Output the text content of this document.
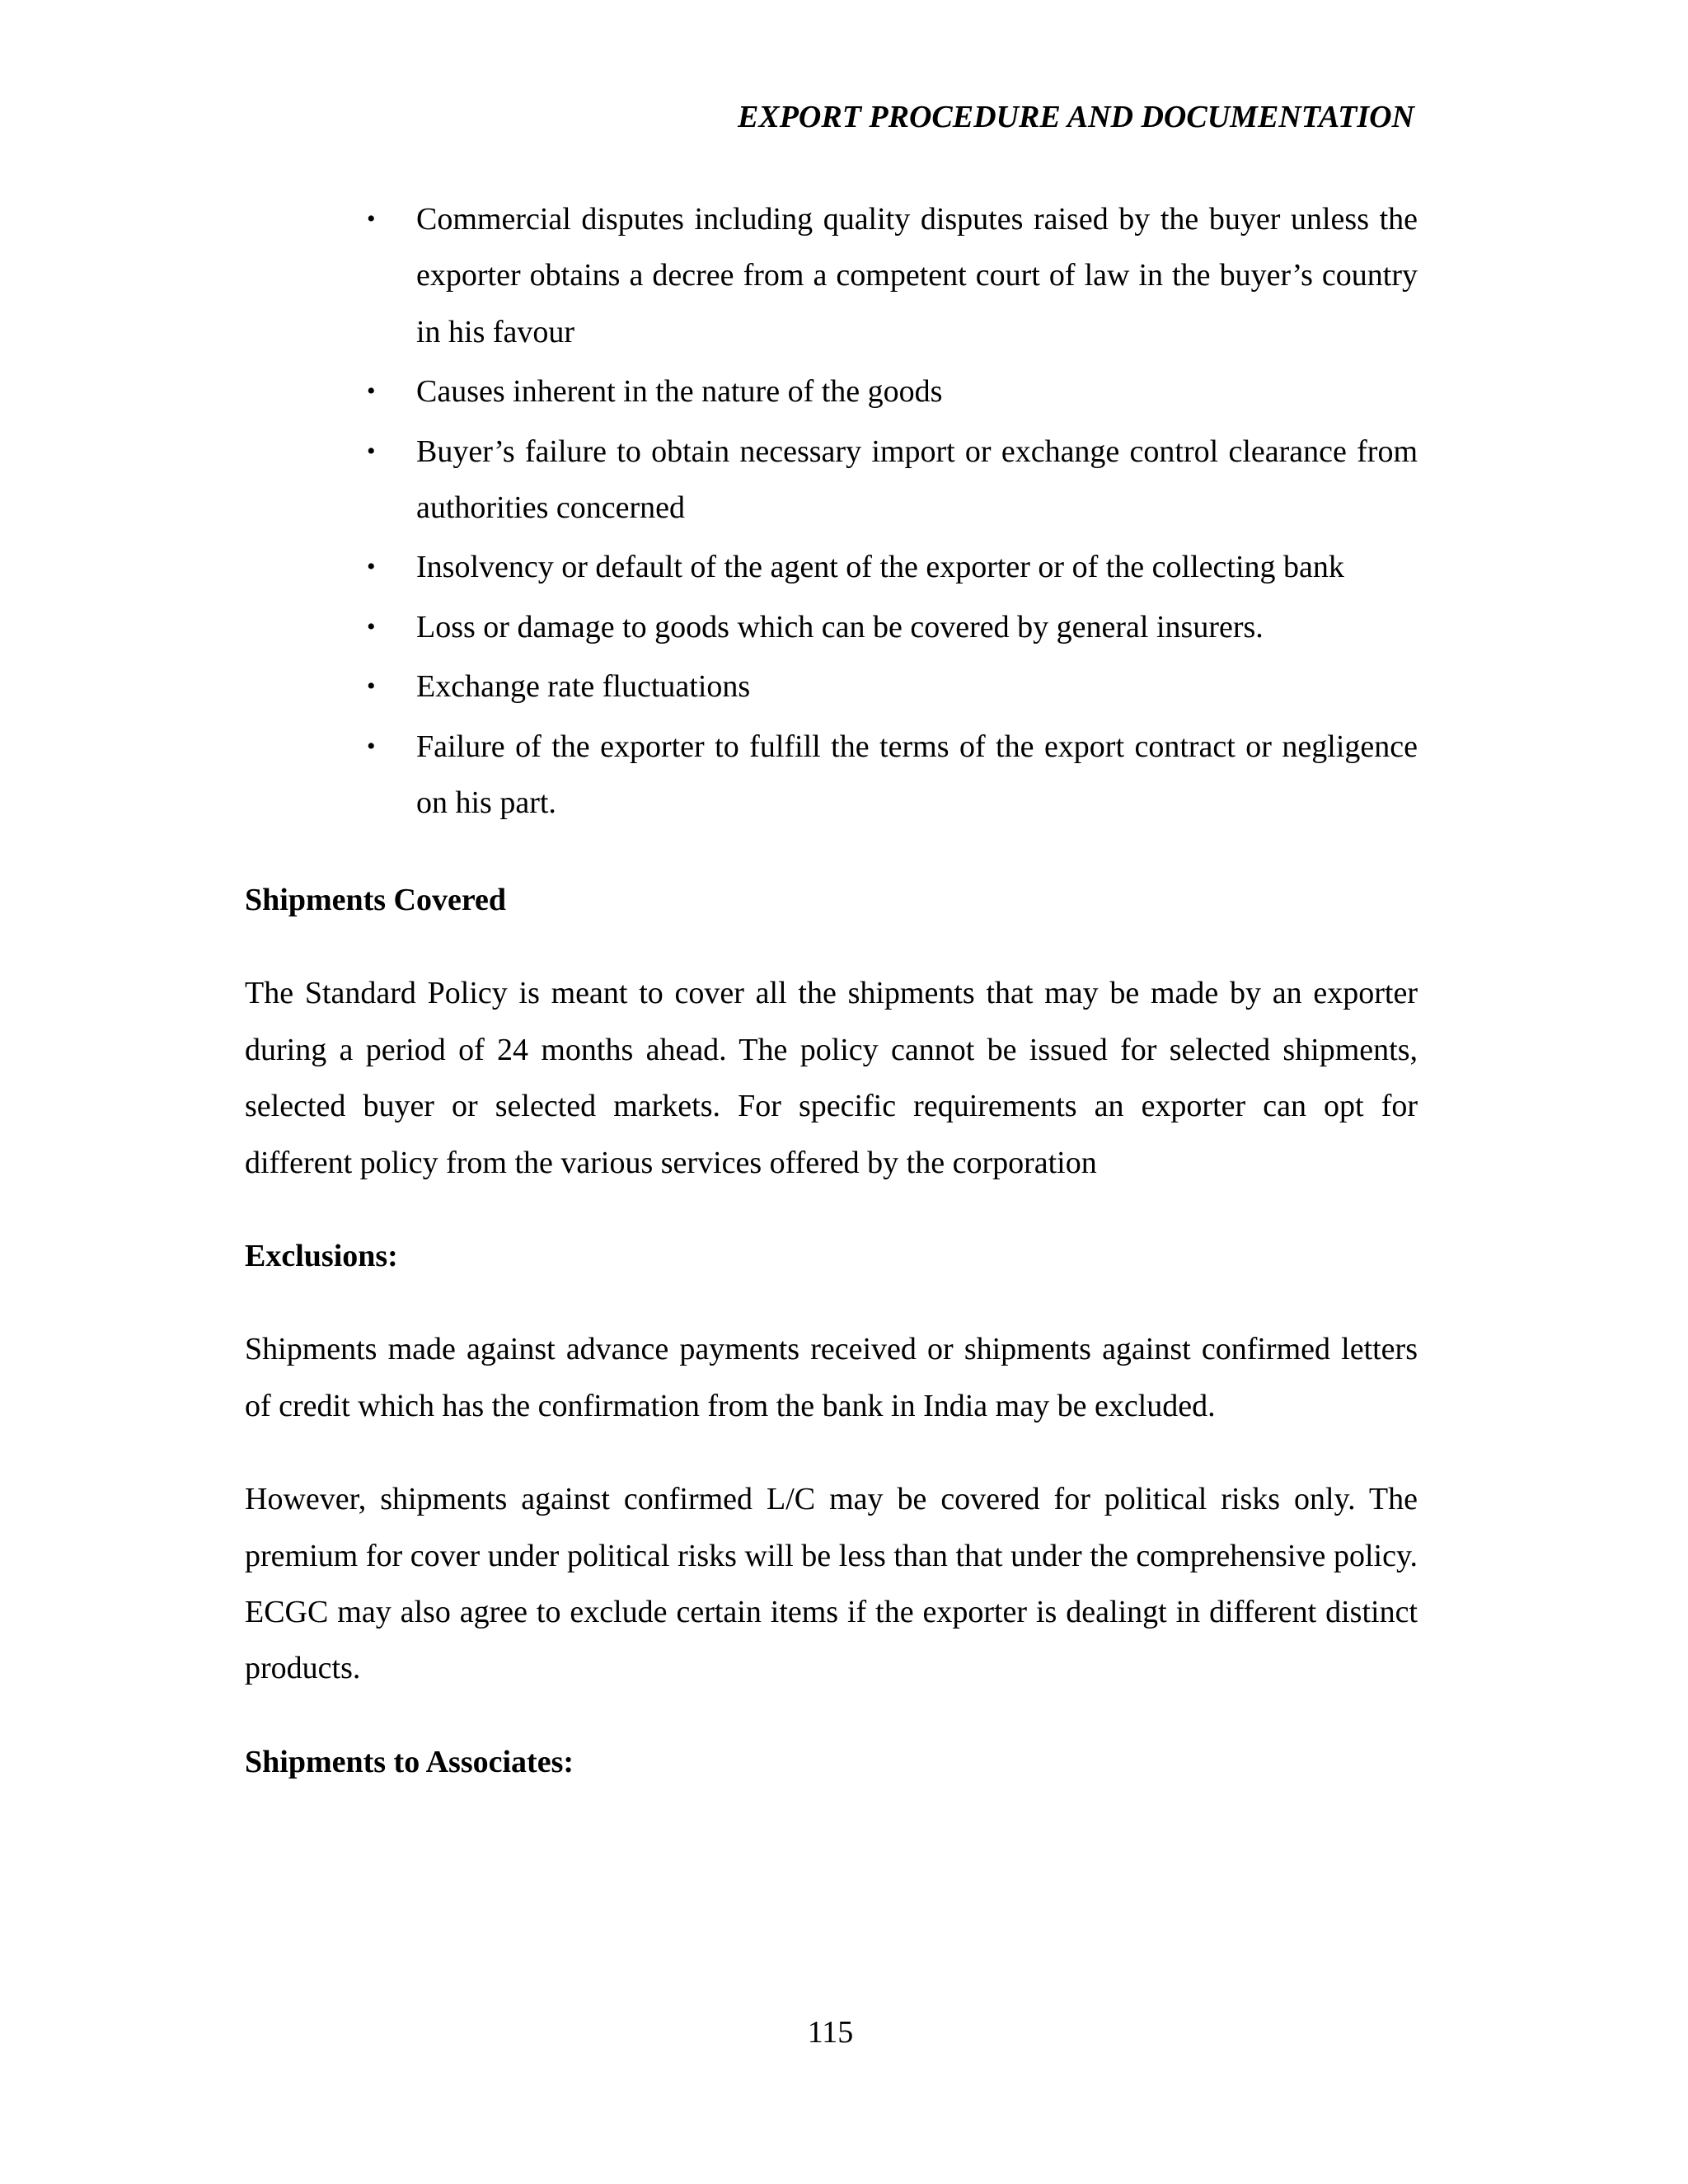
EXPORT PROCEDURE AND DOCUMENTATION
• Commercial disputes including quality disputes raised by the buyer unless the exporter obtains a decree from a competent court of law in the buyer’s country in his favour
• Causes inherent in the nature of the goods
• Buyer’s failure to obtain necessary import or exchange control clearance from authorities concerned
• Insolvency or default of the agent of the exporter or of the collecting bank
• Loss or damage to goods which can be covered by general insurers.
• Exchange rate fluctuations
• Failure of the exporter to fulfill the terms of the export contract or negligence on his part.
Shipments Covered

The Standard Policy is meant to cover all the shipments that may be made by an exporter during a period of 24 months ahead. The policy cannot be issued for selected shipments, selected buyer or selected markets. For specific requirements an exporter can opt for different policy from the various services offered by the corporation

Exclusions:

Shipments made against advance payments received or shipments against confirmed letters of credit which has the confirmation from the bank in India may be excluded.

However, shipments against confirmed L/C may be covered for political risks only. The premium for cover under political risks will be less than that under the comprehensive policy. ECGC may also agree to exclude certain items if the exporter is dealingt in different distinct products.

Shipments to Associates:
115
